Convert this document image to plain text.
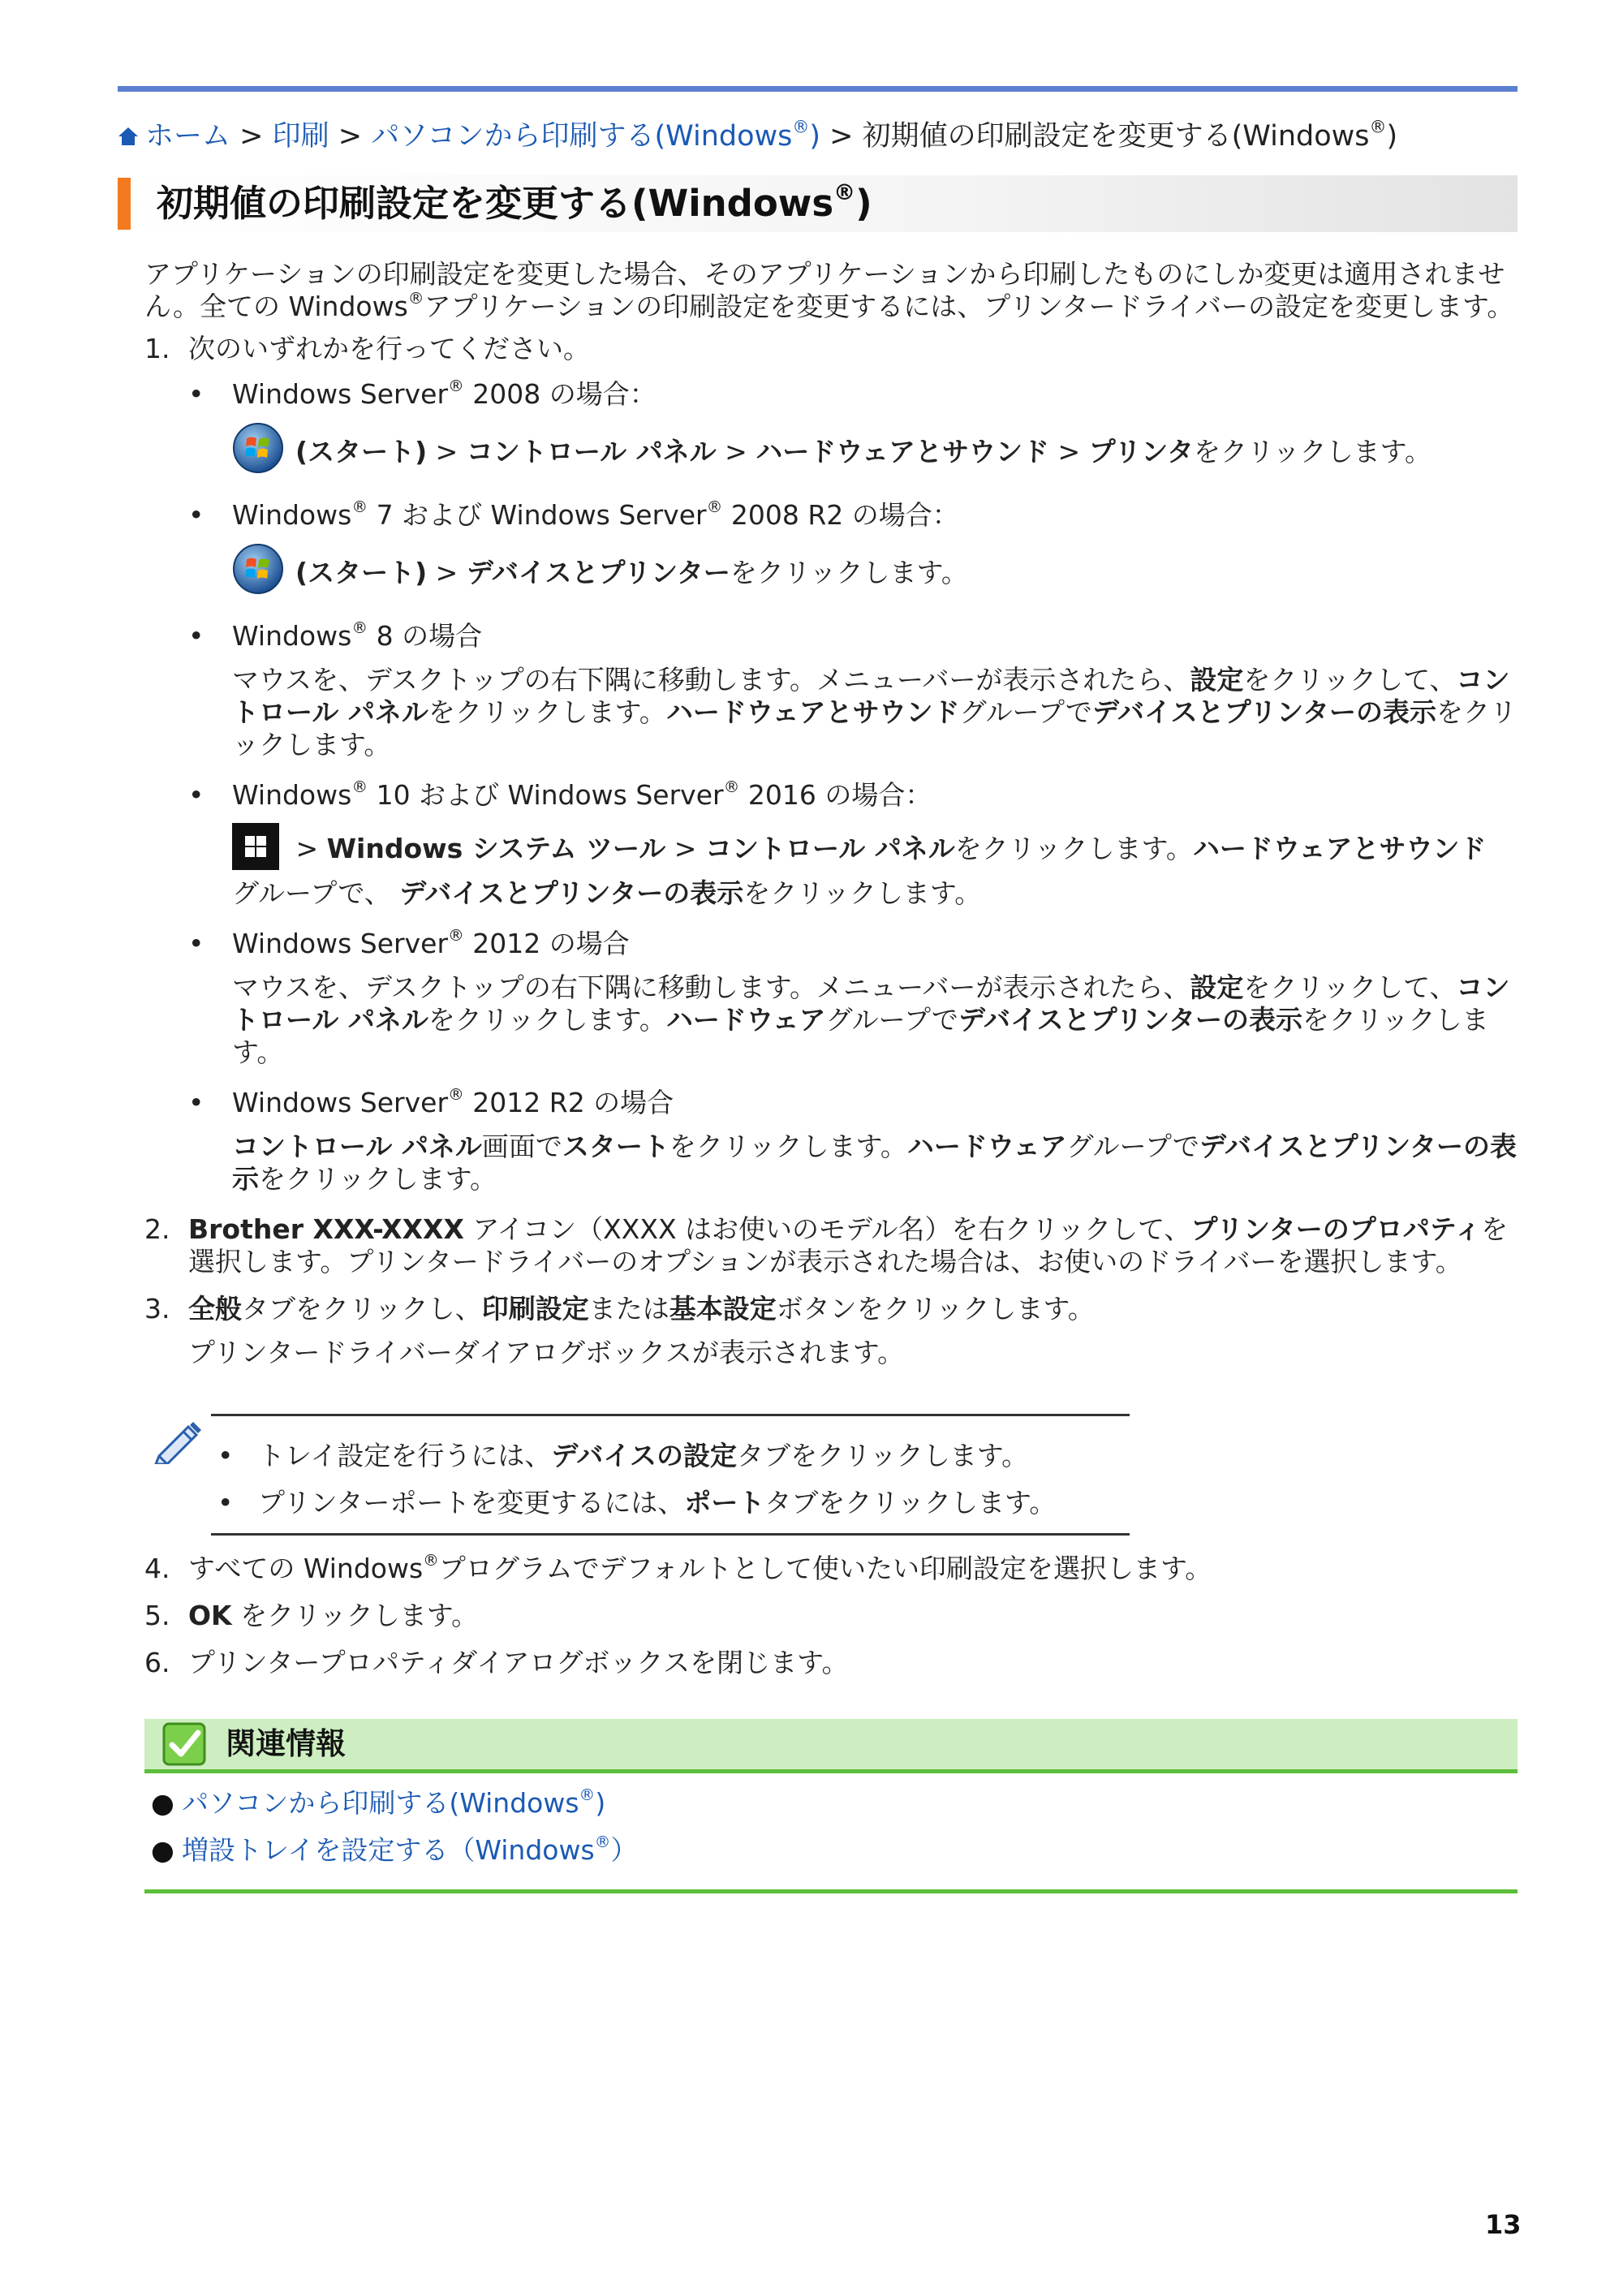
ホーム > 印刷 > パソコンから印刷する(Windows®) > 初期値の印刷設定を変更する(Windows®)
初期値の印刷設定を変更する(Windows®)

アプリケーションの印刷設定を変更した場合、そのアプリケーションから印刷したものにしか変更は適用されません。全ての Windows®アプリケーションの印刷設定を変更するには、プリンタードライバーの設定を変更します。

1. 次のいずれかを行ってください。
•	Windows Server® 2008 の場合：
(スタート) > コントロール パネル > ハードウェアとサウンド > プリンタをクリックします。
•	Windows® 7 および Windows Server® 2008 R2 の場合：
(スタート) > デバイスとプリンターをクリックします。
•	Windows® 8 の場合
マウスを、デスクトップの右下隅に移動します。メニューバーが表示されたら、設定をクリックして、コントロール パネルをクリックします。ハードウェアとサウンドグループでデバイスとプリンターの表示をクリックします。
•	Windows® 10 および Windows Server® 2016 の場合：
> Windows システム ツール > コントロール パネルをクリックします。ハードウェアとサウンド グループで、 デバイスとプリンターの表示をクリックします。
•	Windows Server® 2012 の場合
マウスを、デスクトップの右下隅に移動します。メニューバーが表示されたら、設定をクリックして、コントロール パネルをクリックします。ハードウェアグループでデバイスとプリンターの表示をクリックします。
•	Windows Server® 2012 R2 の場合
コントロール パネル画面でスタートをクリックします。ハードウェアグループでデバイスとプリンターの表示をクリックします。
2. Brother XXX-XXXX アイコン（XXXX はお使いのモデル名）を右クリックして、プリンターのプロパティを選択します。プリンタードライバーのオプションが表示された場合は、お使いのドライバーを選択します。
3. 全般タブをクリックし、印刷設定または基本設定ボタンをクリックします。
プリンタードライバーダイアログボックスが表示されます。
• トレイ設定を行うには、デバイスの設定タブをクリックします。
• プリンターポートを変更するには、ポートタブをクリックします。
4. すべての Windows®プログラムでデフォルトとして使いたい印刷設定を選択します。
5. OK をクリックします。
6. プリンタープロパティダイアログボックスを閉じます。
関連情報
● パソコンから印刷する(Windows®)
● 増設トレイを設定する（Windows®）
13
